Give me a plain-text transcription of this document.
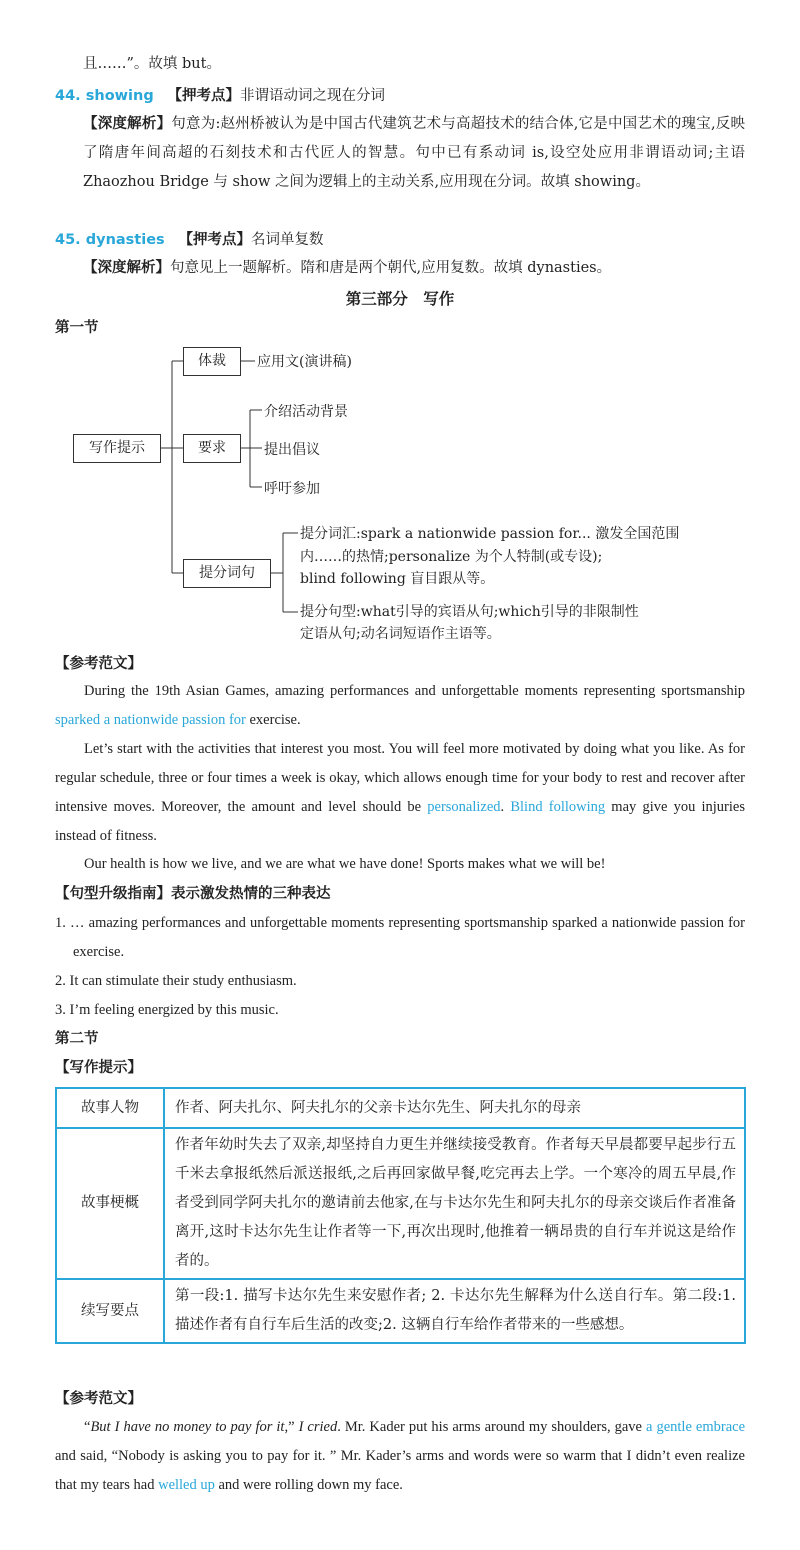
且……”。故填 but。
44. showing 【押考点】非谓语动词之现在分词
【深度解析】句意为:赵州桥被认为是中国古代建筑艺术与高超技术的结合体,它是中国艺术的瑰宝,反映了隋唐年间高超的石刻技术和古代匠人的智慧。句中已有系动词 is,设空处应用非谓语动词;主语 Zhaozhou Bridge 与 show 之间为逻辑上的主动关系,应用现在分词。故填 showing。
45. dynasties 【押考点】名词单复数
【深度解析】句意见上一题解析。隋和唐是两个朝代,应用复数。故填 dynasties。
第三部分　写作
第一节
写作提示
体裁
要求
提分词句
应用文(演讲稿)
介绍活动背景
提出倡议
呼吁参加
提分词汇:spark a nationwide passion for... 激发全国范围
内……的热情;personalize 为个人特制(或专设);
blind following 盲目跟从等。
提分句型:what引导的宾语从句;which引导的非限制性
定语从句;动名词短语作主语等。
【参考范文】
During the 19th Asian Games, amazing performances and unforgettable moments representing sportsmanship sparked a nationwide passion for exercise.
Let’s start with the activities that interest you most. You will feel more motivated by doing what you like. As for regular schedule, three or four times a week is okay, which allows enough time for your body to rest and recover after intensive moves. Moreover, the amount and level should be personalized. Blind following may give you injuries instead of fitness.
Our health is how we live, and we are what we have done! Sports makes what we will be!
【句型升级指南】表示激发热情的三种表达
1. … amazing performances and unforgettable moments representing sportsmanship sparked a nationwide passion for exercise.
2. It can stimulate their study enthusiasm.
3. I’m feeling energized by this music.
第二节
【写作提示】
故事人物	作者、阿夫扎尔、阿夫扎尔的父亲卡达尔先生、阿夫扎尔的母亲
故事梗概	作者年幼时失去了双亲,却坚持自力更生并继续接受教育。作者每天早晨都要早起步行五千米去拿报纸然后派送报纸,之后再回家做早餐,吃完再去上学。一个寒冷的周五早晨,作者受到同学阿夫扎尔的邀请前去他家,在与卡达尔先生和阿夫扎尔的母亲交谈后作者准备离开,这时卡达尔先生让作者等一下,再次出现时,他推着一辆昂贵的自行车并说这是给作者的。
续写要点	第一段:1. 描写卡达尔先生来安慰作者; 2. 卡达尔先生解释为什么送自行车。第二段:1. 描述作者有自行车后生活的改变;2. 这辆自行车给作者带来的一些感想。
【参考范文】
“But I have no money to pay for it,” I cried. Mr. Kader put his arms around my shoulders, gave a gentle embrace and said, “Nobody is asking you to pay for it. ” Mr. Kader’s arms and words were so warm that I didn’t even realize that my tears had welled up and were rolling down my face.
